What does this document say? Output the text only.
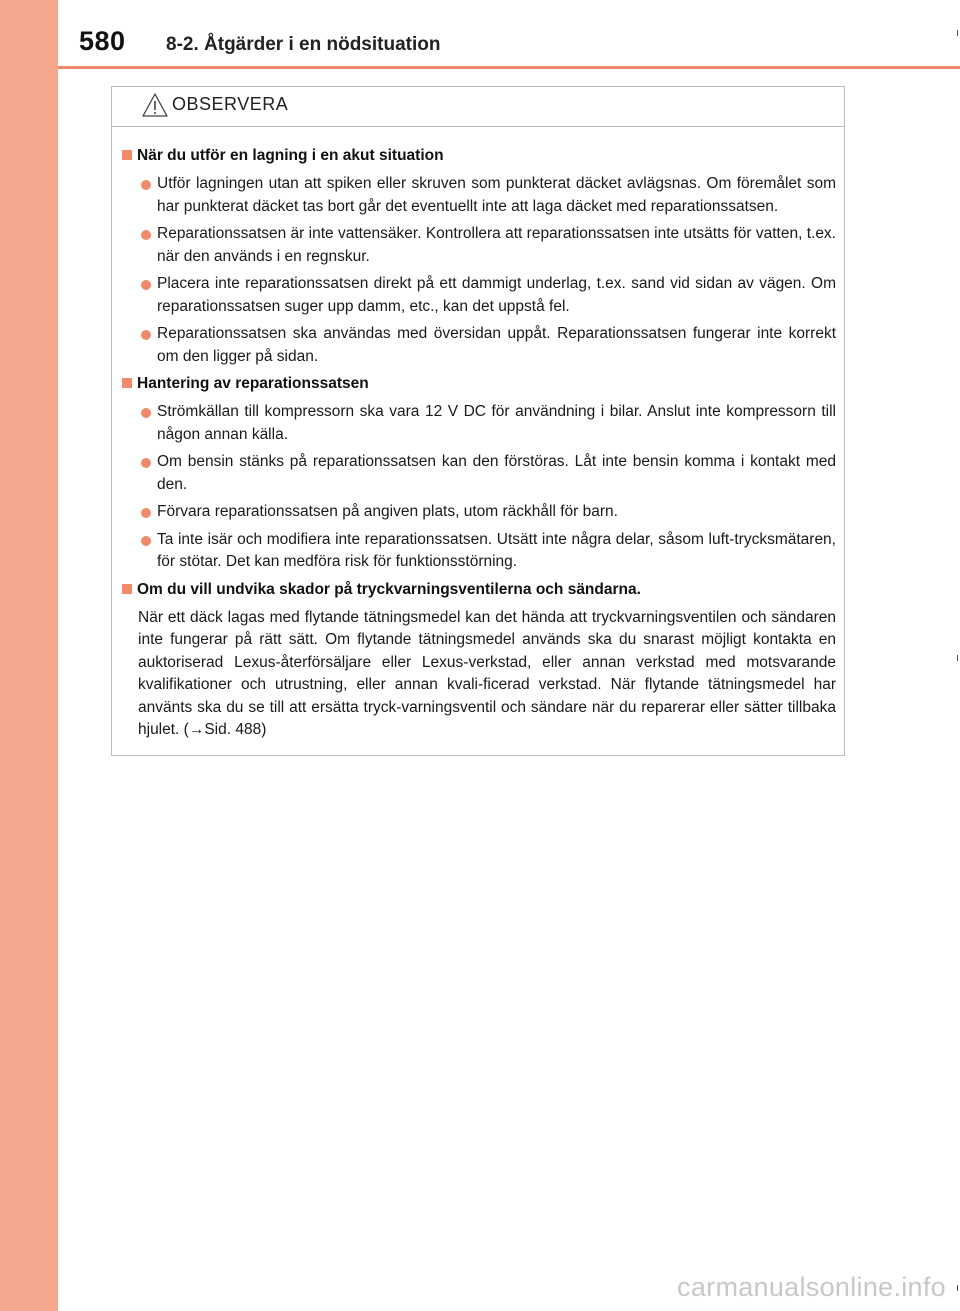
580 8-2. Åtgärder i en nödsituation
OBSERVERA
När du utför en lagning i en akut situation
Utför lagningen utan att spiken eller skruven som punkterat däcket avlägsnas. Om föremålet som har punkterat däcket tas bort går det eventuellt inte att laga däcket med reparationssatsen.
Reparationssatsen är inte vattensäker. Kontrollera att reparationssatsen inte utsätts för vatten, t.ex. när den används i en regnskur.
Placera inte reparationssatsen direkt på ett dammigt underlag, t.ex. sand vid sidan av vägen. Om reparationssatsen suger upp damm, etc., kan det uppstå fel.
Reparationssatsen ska användas med översidan uppåt. Reparationssatsen fungerar inte korrekt om den ligger på sidan.
Hantering av reparationssatsen
Strömkällan till kompressorn ska vara 12 V DC för användning i bilar. Anslut inte kompressorn till någon annan källa.
Om bensin stänks på reparationssatsen kan den förstöras. Låt inte bensin komma i kontakt med den.
Förvara reparationssatsen på angiven plats, utom räckhåll för barn.
Ta inte isär och modifiera inte reparationssatsen. Utsätt inte några delar, såsom luft-trycksmätaren, för stötar. Det kan medföra risk för funktionsstörning.
Om du vill undvika skador på tryckvarningsventilerna och sändarna.
När ett däck lagas med flytande tätningsmedel kan det hända att tryckvarningsventilen och sändaren inte fungerar på rätt sätt. Om flytande tätningsmedel används ska du snarast möjligt kontakta en auktoriserad Lexus-återförsäljare eller Lexus-verkstad, eller annan verkstad med motsvarande kvalifikationer och utrustning, eller annan kvali-ficerad verkstad. När flytande tätningsmedel har använts ska du se till att ersätta tryck-varningsventil och sändare när du reparerar eller sätter tillbaka hjulet. (→Sid. 488)
carmanualsonline.info
